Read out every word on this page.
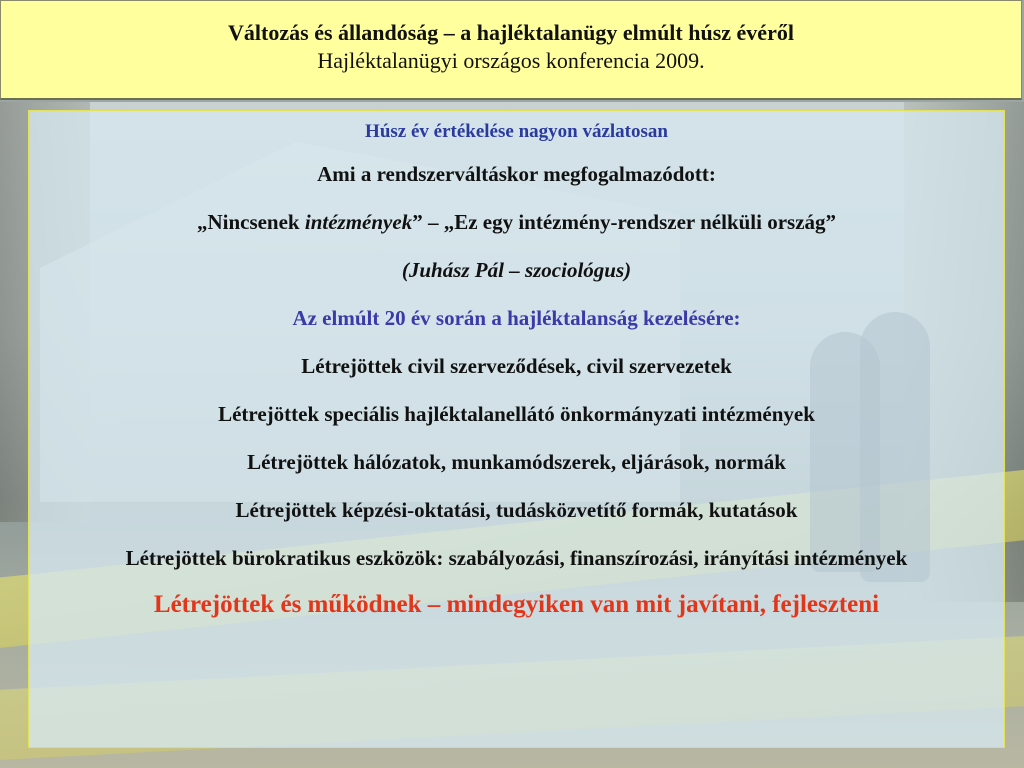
Változás és állandóság – a hajléktalanügy elmúlt húsz évéről
Hajléktalanügyi országos konferencia 2009.

Húsz év értékelése nagyon vázlatosan

Ami a rendszerváltáskor megfogalmazódott:

„Nincsenek intézmények” – „Ez egy intézmény-rendszer nélküli ország”

(Juhász Pál – szociológus)

Az elmúlt 20 év során a hajléktalanság kezelésére:

Létrejöttek civil szerveződések, civil szervezetek

Létrejöttek speciális hajléktalanellátó önkormányzati intézmények

Létrejöttek hálózatok, munkamódszerek, eljárások, normák

Létrejöttek képzési-oktatási, tudásközvetítő formák, kutatások

Létrejöttek bürokratikus eszközök: szabályozási, finanszírozási, irányítási intézmények

Létrejöttek és működnek – mindegyiken van mit javítani, fejleszteni
